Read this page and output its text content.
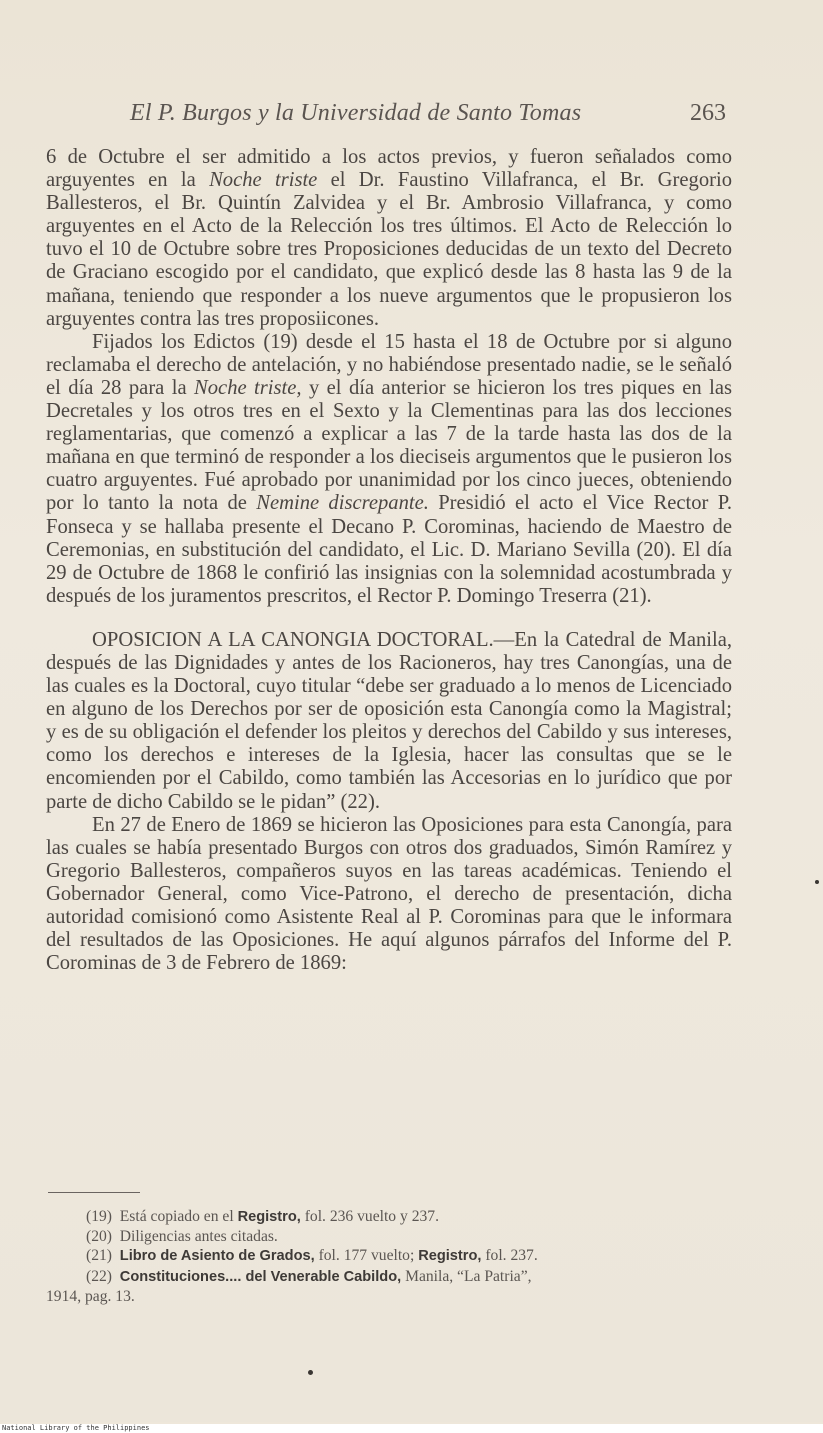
El P. Burgos y la Universidad de Santo Tomas	263

6 de Octubre el ser admitido a los actos previos, y fueron señalados como arguyentes en la Noche triste el Dr. Faustino Villafranca, el Br. Gregorio Ballesteros, el Br. Quintín Zalvidea y el Br. Ambrosio Villafranca, y como arguyentes en el Acto de la Relección los tres últimos. El Acto de Relección lo tuvo el 10 de Octubre sobre tres Proposiciones deducidas de un texto del Decreto de Graciano escogido por el candidato, que explicó desde las 8 hasta las 9 de la mañana, teniendo que responder a los nueve argumentos que le propusieron los arguyentes contra las tres proposiicones.

Fijados los Edictos (19) desde el 15 hasta el 18 de Octubre por si alguno reclamaba el derecho de antelación, y no habiéndose presentado nadie, se le señaló el día 28 para la Noche triste, y el día anterior se hicieron los tres piques en las Decretales y los otros tres en el Sexto y la Clementinas para las dos lecciones reglamentarias, que comenzó a explicar a las 7 de la tarde hasta las dos de la mañana en que terminó de responder a los dieciseis argumentos que le pusieron los cuatro arguyentes. Fué aprobado por unanimidad por los cinco jueces, obteniendo por lo tanto la nota de Nemine discrepante. Presidió el acto el Vice Rector P. Fonseca y se hallaba presente el Decano P. Corominas, haciendo de Maestro de Ceremonias, en substitución del candidato, el Lic. D. Mariano Sevilla (20). El día 29 de Octubre de 1868 le confirió las insignias con la solemnidad acostumbrada y después de los juramentos prescritos, el Rector P. Domingo Treserra (21).

OPOSICION A LA CANONGIA DOCTORAL.—En la Catedral de Manila, después de las Dignidades y antes de los Racioneros, hay tres Canongías, una de las cuales es la Doctoral, cuyo titular “debe ser graduado a lo menos de Licenciado en alguno de los Derechos por ser de oposición esta Canongía como la Magistral; y es de su obligación el defender los pleitos y derechos del Cabildo y sus intereses, como los derechos e intereses de la Iglesia, hacer las consultas que se le encomienden por el Cabildo, como también las Accesorias en lo jurídico que por parte de dicho Cabildo se le pidan” (22).

En 27 de Enero de 1869 se hicieron las Oposiciones para esta Canongía, para las cuales se había presentado Burgos con otros dos graduados, Simón Ramírez y Gregorio Ballesteros, compañeros suyos en las tareas académicas. Teniendo el Gobernador General, como Vice-Patrono, el derecho de presentación, dicha autoridad comisionó como Asistente Real al P. Corominas para que le informara del resultados de las Oposiciones. He aquí algunos párrafos del Informe del P. Corominas de 3 de Febrero de 1869:

(19) Está copiado en el Registro, fol. 236 vuelto y 237.
(20) Diligencias antes citadas.
(21) Libro de Asiento de Grados, fol. 177 vuelto; Registro, fol. 237.
(22) Constituciones.... del Venerable Cabildo, Manila, “La Patria”,
1914, pag. 13.
National Library of the Philippines
